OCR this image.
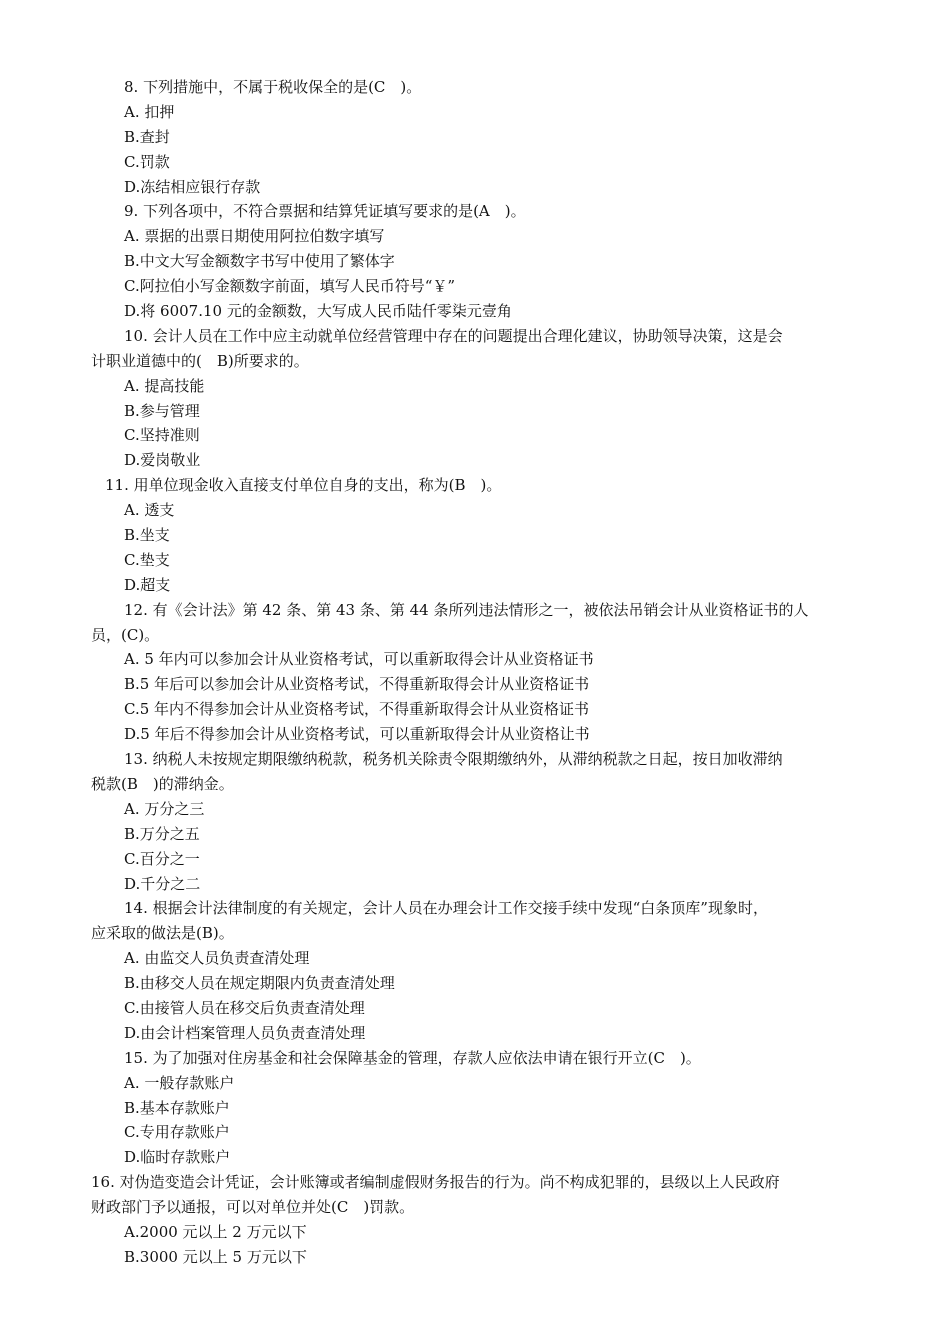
8. 下列措施中，不属于税收保全的是(C　)。
A. 扣押
B.查封
C.罚款
D.冻结相应银行存款
9. 下列各项中，不符合票据和结算凭证填写要求的是(A　)。
A. 票据的出票日期使用阿拉伯数字填写
B.中文大写金额数字书写中使用了繁体字
C.阿拉伯小写金额数字前面，填写人民币符号“￥”
D.将 6007.10 元的金额数，大写成人民币陆仟零柒元壹角
10. 会计人员在工作中应主动就单位经营管理中存在的问题提出合理化建议，协助领导决策，这是会
计职业道德中的(　B)所要求的。
A. 提高技能
B.参与管理
C.坚持准则
D.爱岗敬业
11. 用单位现金收入直接支付单位自身的支出，称为(B　)。
A. 透支
B.坐支
C.垫支
D.超支
12. 有《会计法》第 42 条、第 43 条、第 44 条所列违法情形之一，被依法吊销会计从业资格证书的人
员，(C)。
A. 5 年内可以参加会计从业资格考试，可以重新取得会计从业资格证书
B.5 年后可以参加会计从业资格考试，不得重新取得会计从业资格证书
C.5 年内不得参加会计从业资格考试，不得重新取得会计从业资格证书
D.5 年后不得参加会计从业资格考试，可以重新取得会计从业资格让书
13. 纳税人未按规定期限缴纳税款，税务机关除责令限期缴纳外，从滞纳税款之日起，按日加收滞纳
税款(B　)的滞纳金。
A. 万分之三
B.万分之五
C.百分之一
D.千分之二
14. 根据会计法律制度的有关规定，会计人员在办理会计工作交接手续中发现“白条顶库”现象时，
应采取的做法是(B)。
A. 由监交人员负责查清处理
B.由移交人员在规定期限内负责查清处理
C.由接管人员在移交后负责查清处理
D.由会计档案管理人员负责查清处理
15. 为了加强对住房基金和社会保障基金的管理，存款人应依法申请在银行开立(C　)。
A. 一般存款账户
B.基本存款账户
C.专用存款账户
D.临时存款账户
16. 对伪造变造会计凭证，会计账簿或者编制虚假财务报告的行为。尚不构成犯罪的，县级以上人民政府
财政部门予以通报，可以对单位并处(C　)罚款。
A.2000 元以上 2 万元以下
B.3000 元以上 5 万元以下
